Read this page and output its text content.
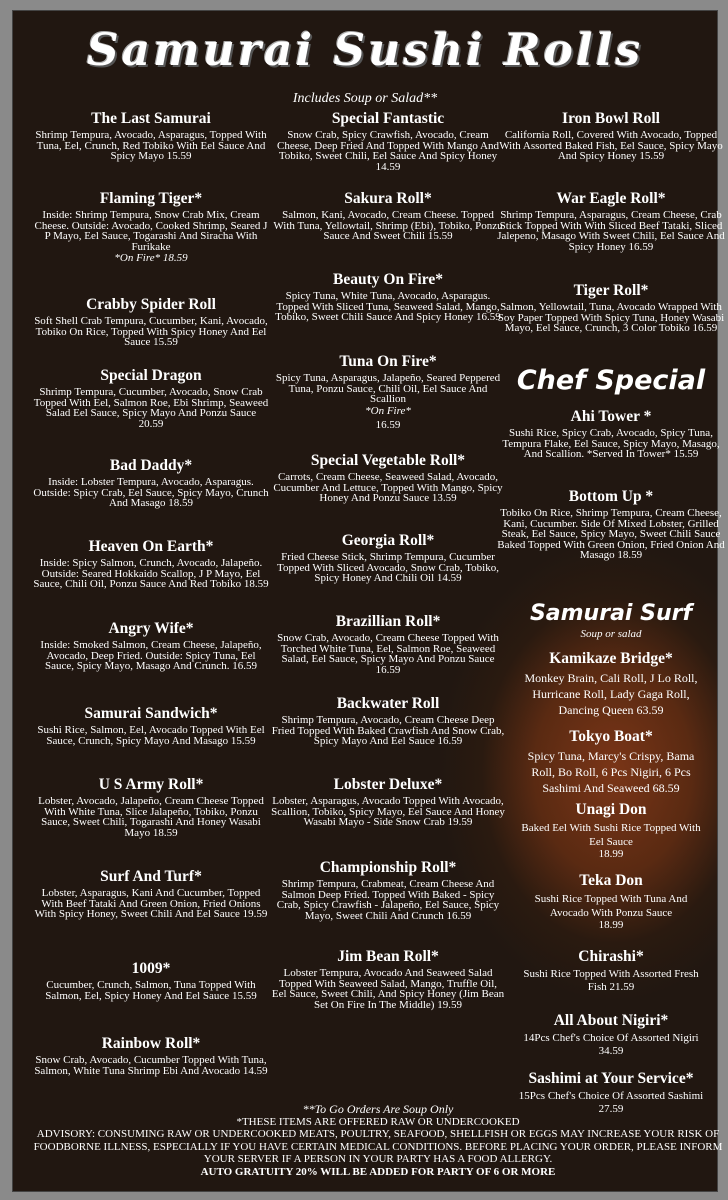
Samurai Sushi Rolls
Includes Soup or Salad**
The Last Samurai
Shrimp Tempura, Avocado, Asparagus, Topped With Tuna, Eel, Crunch, Red Tobiko With Eel Sauce And Spicy Mayo 15.59
Flaming Tiger*
Inside: Shrimp Tempura, Snow Crab Mix, Cream Cheese. Outside: Avocado, Cooked Shrimp, Seared J P Mayo, Eel Sauce, Togarashi And Siracha With Furikake
*On Fire* 18.59
Crabby Spider Roll
Soft Shell Crab Tempura, Cucumber, Kani, Avocado, Tobiko On Rice, Topped With Spicy Honey And Eel Sauce 15.59
Special Dragon
Shrimp Tempura, Cucumber, Avocado, Snow Crab Topped With Eel, Salmon Roe, Ebi Shrimp, Seaweed Salad Eel Sauce, Spicy Mayo And Ponzu Sauce 20.59
Bad Daddy*
Inside: Lobster Tempura, Avocado, Asparagus. Outside: Spicy Crab, Eel Sauce, Spicy Mayo, Crunch And Masago 18.59
Heaven On Earth*
Inside: Spicy Salmon, Crunch, Avocado, Jalapeño. Outside: Seared Hokkaido Scallop, J P Mayo, Eel Sauce, Chili Oil, Ponzu Sauce And Red Tobiko 18.59
Angry Wife*
Inside: Smoked Salmon, Cream Cheese, Jalapeño, Avocado, Deep Fried. Outside: Spicy Tuna, Eel Sauce, Spicy Mayo, Masago And Crunch. 16.59
Samurai Sandwich*
Sushi Rice, Salmon, Eel, Avocado Topped With Eel Sauce, Crunch, Spicy Mayo And Masago 15.59
U S Army Roll*
Lobster, Avocado, Jalapeño, Cream Cheese Topped With White Tuna, Slice Jalapeño, Tobiko, Ponzu Sauce, Sweet Chili, Togarashi And Honey Wasabi Mayo 18.59
Surf And Turf*
Lobster, Asparagus, Kani And Cucumber, Topped With Beef Tataki And Green Onion, Fried Onions With Spicy Honey, Sweet Chili And Eel Sauce 19.59
1009*
Cucumber, Crunch, Salmon, Tuna Topped With Salmon, Eel, Spicy Honey And Eel Sauce 15.59
Rainbow Roll*
Snow Crab, Avocado, Cucumber Topped With Tuna, Salmon, White Tuna Shrimp Ebi And Avocado 14.59
Special Fantastic
Snow Crab, Spicy Crawfish, Avocado, Cream Cheese, Deep Fried And Topped With Mango And Tobiko, Sweet Chili, Eel Sauce And Spicy Honey 14.59
Sakura Roll*
Salmon, Kani, Avocado, Cream Cheese. Topped With Tuna, Yellowtail, Shrimp (Ebi), Tobiko, Ponzu Sauce And Sweet Chili 15.59
Beauty On Fire*
Spicy Tuna, White Tuna, Avocado, Asparagus. Topped With Sliced Tuna, Seaweed Salad, Mango, Tobiko, Sweet Chili Sauce And Spicy Honey 16.59
Tuna On Fire*
Spicy Tuna, Asparagus, Jalapeño, Seared Peppered Tuna, Ponzu Sauce, Chili Oil, Eel Sauce And Scallion
*On Fire*
16.59
Special Vegetable Roll*
Carrots, Cream Cheese, Seaweed Salad, Avocado, Cucumber And Lettuce, Topped With Mango, Spicy Honey And Ponzu Sauce 13.59
Georgia Roll*
Fried Cheese Stick, Shrimp Tempura, Cucumber Topped With Sliced Avocado, Snow Crab, Tobiko, Spicy Honey And Chili Oil 14.59
Brazillian Roll*
Snow Crab, Avocado, Cream Cheese Topped With Torched White Tuna, Eel, Salmon Roe, Seaweed Salad, Eel Sauce, Spicy Mayo And Ponzu Sauce 16.59
Backwater Roll
Shrimp Tempura, Avocado, Cream Cheese Deep Fried Topped With Baked Crawfish And Snow Crab, Spicy Mayo And Eel Sauce 16.59
Lobster Deluxe*
Lobster, Asparagus, Avocado Topped With Avocado, Scallion, Tobiko, Spicy Mayo, Eel Sauce And Honey Wasabi Mayo - Side Snow Crab 19.59
Championship Roll*
Shrimp Tempura, Crabmeat, Cream Cheese And Salmon Deep Fried. Topped With Baked - Spicy Crab, Spicy Crawfish - Jalapeño, Eel Sauce, Spicy Mayo, Sweet Chili And Crunch 16.59
Jim Bean Roll*
Lobster Tempura, Avocado And Seaweed Salad Topped With Seaweed Salad, Mango, Truffle Oil, Eel Sauce, Sweet Chili, And Spicy Honey (Jim Bean Set On Fire In The Middle) 19.59
Iron Bowl Roll
California Roll, Covered With Avocado, Topped With Assorted Baked Fish, Eel Sauce, Spicy Mayo And Spicy Honey 15.59
War Eagle Roll*
Shrimp Tempura, Asparagus, Cream Cheese, Crab Stick Topped With With Sliced Beef Tataki, Sliced Jalepeno, Masago With Sweet Chili, Eel Sauce And Spicy Honey 16.59
Tiger Roll*
Salmon, Yellowtail, Tuna, Avocado Wrapped With Soy Paper Topped With Spicy Tuna, Honey Wasabi Mayo, Eel Sauce, Crunch, 3 Color Tobiko 16.59
Chef Special
Ahi Tower *
Sushi Rice, Spicy Crab, Avocado, Spicy Tuna, Tempura Flake, Eel Sauce, Spicy Mayo, Masago, And Scallion. *Served In Tower* 15.59
Bottom Up *
Tobiko On Rice, Shrimp Tempura, Cream Cheese, Kani, Cucumber. Side Of Mixed Lobster, Grilled Steak, Eel Sauce, Spicy Mayo, Sweet Chili Sauce Baked Topped With Green Onion, Fried Onion And Masago 18.59
Samurai Surf
Soup or salad
Kamikaze Bridge*
Monkey Brain, Cali Roll, J Lo Roll, Hurricane Roll, Lady Gaga Roll, Dancing Queen 63.59
Tokyo Boat*
Spicy Tuna, Marcy's Crispy, Bama Roll, Bo Roll, 6 Pcs Nigiri, 6 Pcs Sashimi And Seaweed 68.59
Unagi Don
Baked Eel With Sushi Rice Topped With Eel Sauce
18.99
Teka Don
Sushi Rice Topped With Tuna And Avocado With Ponzu Sauce
18.99
Chirashi*
Sushi Rice Topped With Assorted Fresh Fish 21.59
All About Nigiri*
14Pcs Chef's Choice Of Assorted Nigiri 34.59
Sashimi at Your Service*
15Pcs Chef's Choice Of Assorted Sashimi 27.59
**To Go Orders Are Soup Only
*THESE ITEMS ARE OFFERED RAW OR UNDERCOOKED
ADVISORY: CONSUMING RAW OR UNDERCOOKED MEATS, POULTRY, SEAFOOD, SHELLFISH OR EGGS MAY INCREASE YOUR RISK OF FOODBORNE ILLNESS, ESPECIALLY IF YOU HAVE CERTAIN MEDICAL CONDITIONS. BEFORE PLACING YOUR ORDER, PLEASE INFORM YOUR SERVER IF A PERSON IN YOUR PARTY HAS A FOOD ALLERGY.
AUTO GRATUITY 20% WILL BE ADDED FOR PARTY OF 6 OR MORE
